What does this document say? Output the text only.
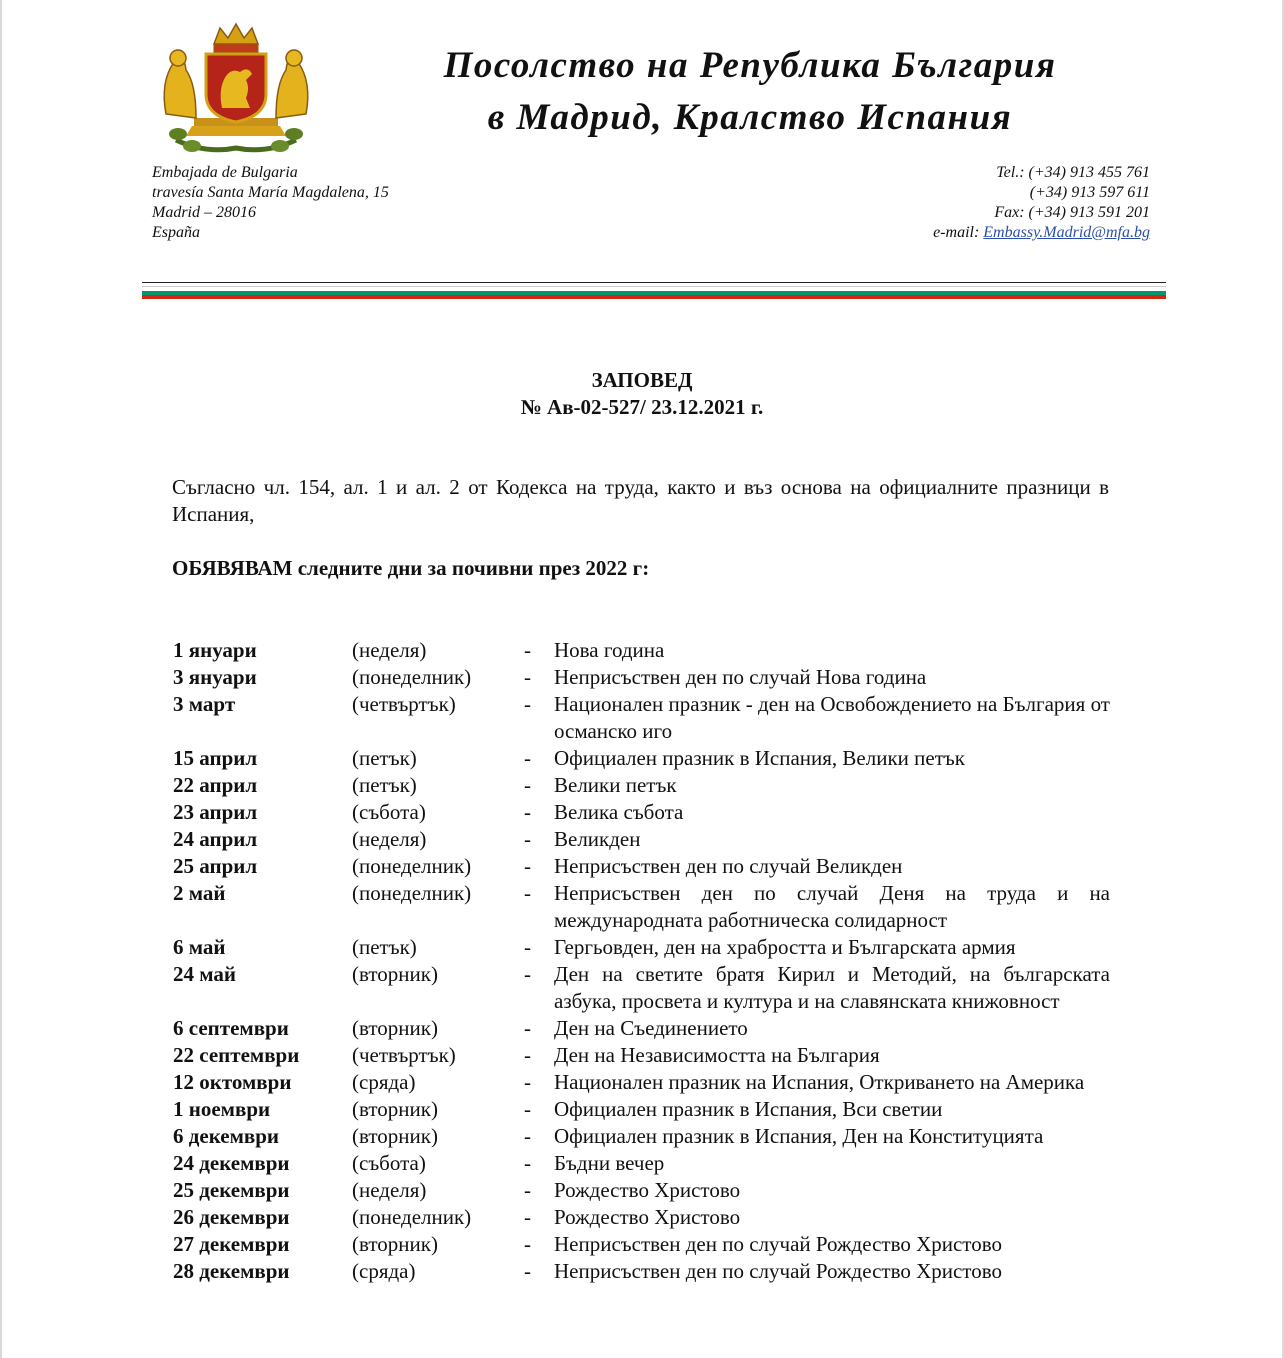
Посолство на Република България
в Мадрид, Кралство Испания
Embajada de Bulgaria
travesía Santa María Magdalena, 15
Madrid – 28016
España
Tel.: (+34) 913 455 761
(+34) 913 597 611
Fax: (+34) 913 591 201
e-mail: Embassy.Madrid@mfa.bg
ЗАПОВЕД
№ Ав-02-527/ 23.12.2021 г.
Съгласно чл. 154, ал. 1 и ал. 2 от Кодекса на труда, както и въз основа на официалните празници в Испания,
ОБЯВЯВАМ следните дни за почивни през 2022 г:
1 януари	(неделя)	-	Нова година
3 януари	(понеделник)	-	Неприсъствен ден по случай Нова година
3 март	(четвъртък)	-	Национален празник - ден на Освобождението на България от османско иго
15 април	(петък)	-	Официален празник в Испания, Велики петък
22 април	(петък)	-	Велики петък
23 април	(събота)	-	Велика събота
24 април	(неделя)	-	Великден
25 април	(понеделник)	-	Неприсъствен ден по случай Великден
2 май	(понеделник)	-	Неприсъствен ден по случай Деня на труда и на международната работническа солидарност
6 май	(петък)	-	Гергьовден, ден на храбростта и Българската армия
24 май	(вторник)	-	Ден на светите братя Кирил и Методий, на българската азбука, просвета и култура и на славянската книжовност
6 септември	(вторник)	-	Ден на Съединението
22 септември	(четвъртък)	-	Ден на Независимостта на България
12 октомври	(сряда)	-	Национален празник на Испания, Откриването на Америка
1 ноември	(вторник)	-	Официален празник в Испания, Вси светии
6 декември	(вторник)	-	Официален празник в Испания, Ден на Конституцията
24 декември	(събота)	-	Бъдни вечер
25 декември	(неделя)	-	Рождество Христово
26 декември	(понеделник)	-	Рождество Христово
27 декември	(вторник)	-	Неприсъствен ден по случай Рождество Христово
28 декември	(сряда)	-	Неприсъствен ден по случай Рождество Христово
